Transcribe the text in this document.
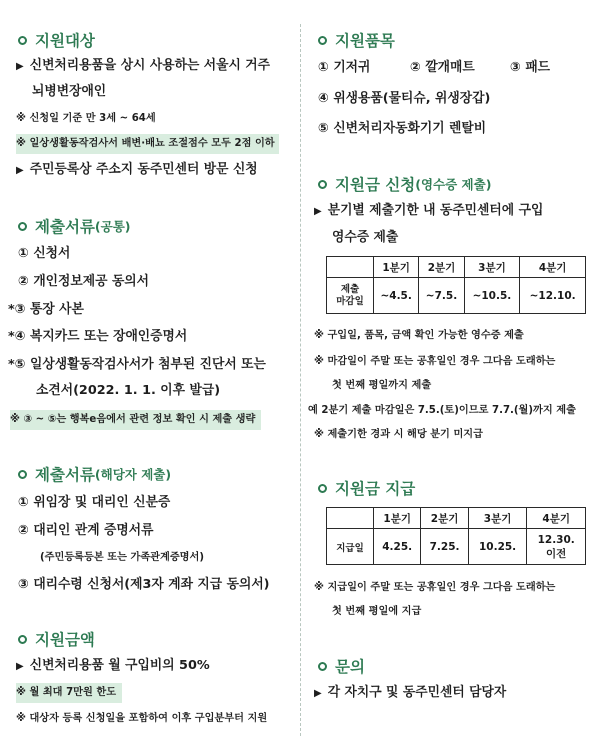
지원대상
▶ 신변처리용품을 상시 사용하는 서울시 거주
뇌병변장애인
※ 신청일 기준 만 3세 ~ 64세
※ 일상생활동작검사서 배변·배뇨 조절점수 모두 2점 이하
▶ 주민등록상 주소지 동주민센터 방문 신청
제출서류 (공통)
① 신청서
② 개인정보제공 동의서
*③ 통장 사본
*④ 복지카드 또는 장애인증명서
*⑤ 일상생활동작검사서가 첨부된 진단서 또는
소견서(2022. 1. 1. 이후 발급)
※ ③ ~ ⑤는 행복e음에서 관련 정보 확인 시 제출 생략
제출서류 (해당자 제출)
① 위임장 및 대리인 신분증
② 대리인 관계 증명서류
(주민등록등본 또는 가족관계증명서)
③ 대리수령 신청서(제3자 계좌 지급 동의서)
지원금액
▶ 신변처리용품 월 구입비의 50%
※ 월 최대 7만원 한도
※ 대상자 등록 신청일을 포함하여 이후 구입분부터 지원
지원품목
① 기저귀	② 깔개매트	③ 패드
④ 위생용품(물티슈, 위생장갑)
⑤ 신변처리자동화기기 렌탈비
지원금 신청 (영수증 제출)
▶ 분기별 제출기한 내 동주민센터에 구입
영수증 제출
	1분기	2분기	3분기	4분기

제출
마감일	~4.5.	~7.5.	~10.5.	~12.10.
※ 구입일, 품목, 금액 확인 가능한 영수증 제출
※ 마감일이 주말 또는 공휴일인 경우 그다음 도래하는
첫 번째 평일까지 제출
예 2분기 제출 마감일은 7.5.(토)이므로 7.7.(월)까지 제출
※ 제출기한 경과 시 해당 분기 미지급
지원금 지급
	1분기	2분기	3분기	4분기
지급일	4.25.	7.25.	10.25.	12.30.
이전
※ 지급일이 주말 또는 공휴일인 경우 그다음 도래하는
첫 번째 평일에 지급
문의
▶ 각 자치구 및 동주민센터 담당자
